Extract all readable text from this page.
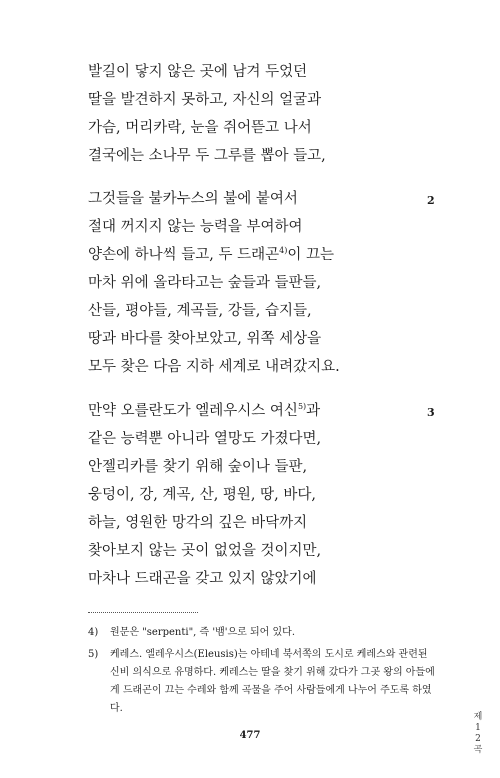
발길이 닿지 않은 곳에 남겨 두었던
딸을 발견하지 못하고, 자신의 얼굴과
가슴, 머리카락, 눈을 쥐어뜯고 나서
결국에는 소나무 두 그루를 뽑아 들고,
2
그것들을 불카누스의 불에 붙여서
절대 꺼지지 않는 능력을 부여하여
양손에 하나씩 들고, 두 드래곤$^{4)}$이 끄는
마차 위에 올라타고는 숲들과 들판들,
산들, 평야들, 계곡들, 강들, 습지들,
땅과 바다를 찾아보았고, 위쪽 세상을
모두 찾은 다음 지하 세계로 내려갔지요.
3
만약 오를란도가 엘레우시스 여신$^{5)}$과
같은 능력뿐 아니라 열망도 가졌다면,
안젤리카를 찾기 위해 숲이나 들판,
웅덩이, 강, 계곡, 산, 평원, 땅, 바다,
하늘, 영원한 망각의 깊은 바닥까지
찾아보지 않는 곳이 없었을 것이지만,
마차나 드래곤을 갖고 있지 않았기에
4)	원문은 "serpenti", 즉 '뱀'으로 되어 있다.
5)	케레스. 엘레우시스(Eleusis)는 아테네 북서쪽의 도시로 케레스와 관련된 신비 의식으로 유명하다. 케레스는 딸을 찾기 위해 갔다가 그곳 왕의 아들에게 드래곤이 끄는 수레와 함께 곡물을 주어 사람들에게 나누어 주도록 하였다.
제
1
2
곡
477
